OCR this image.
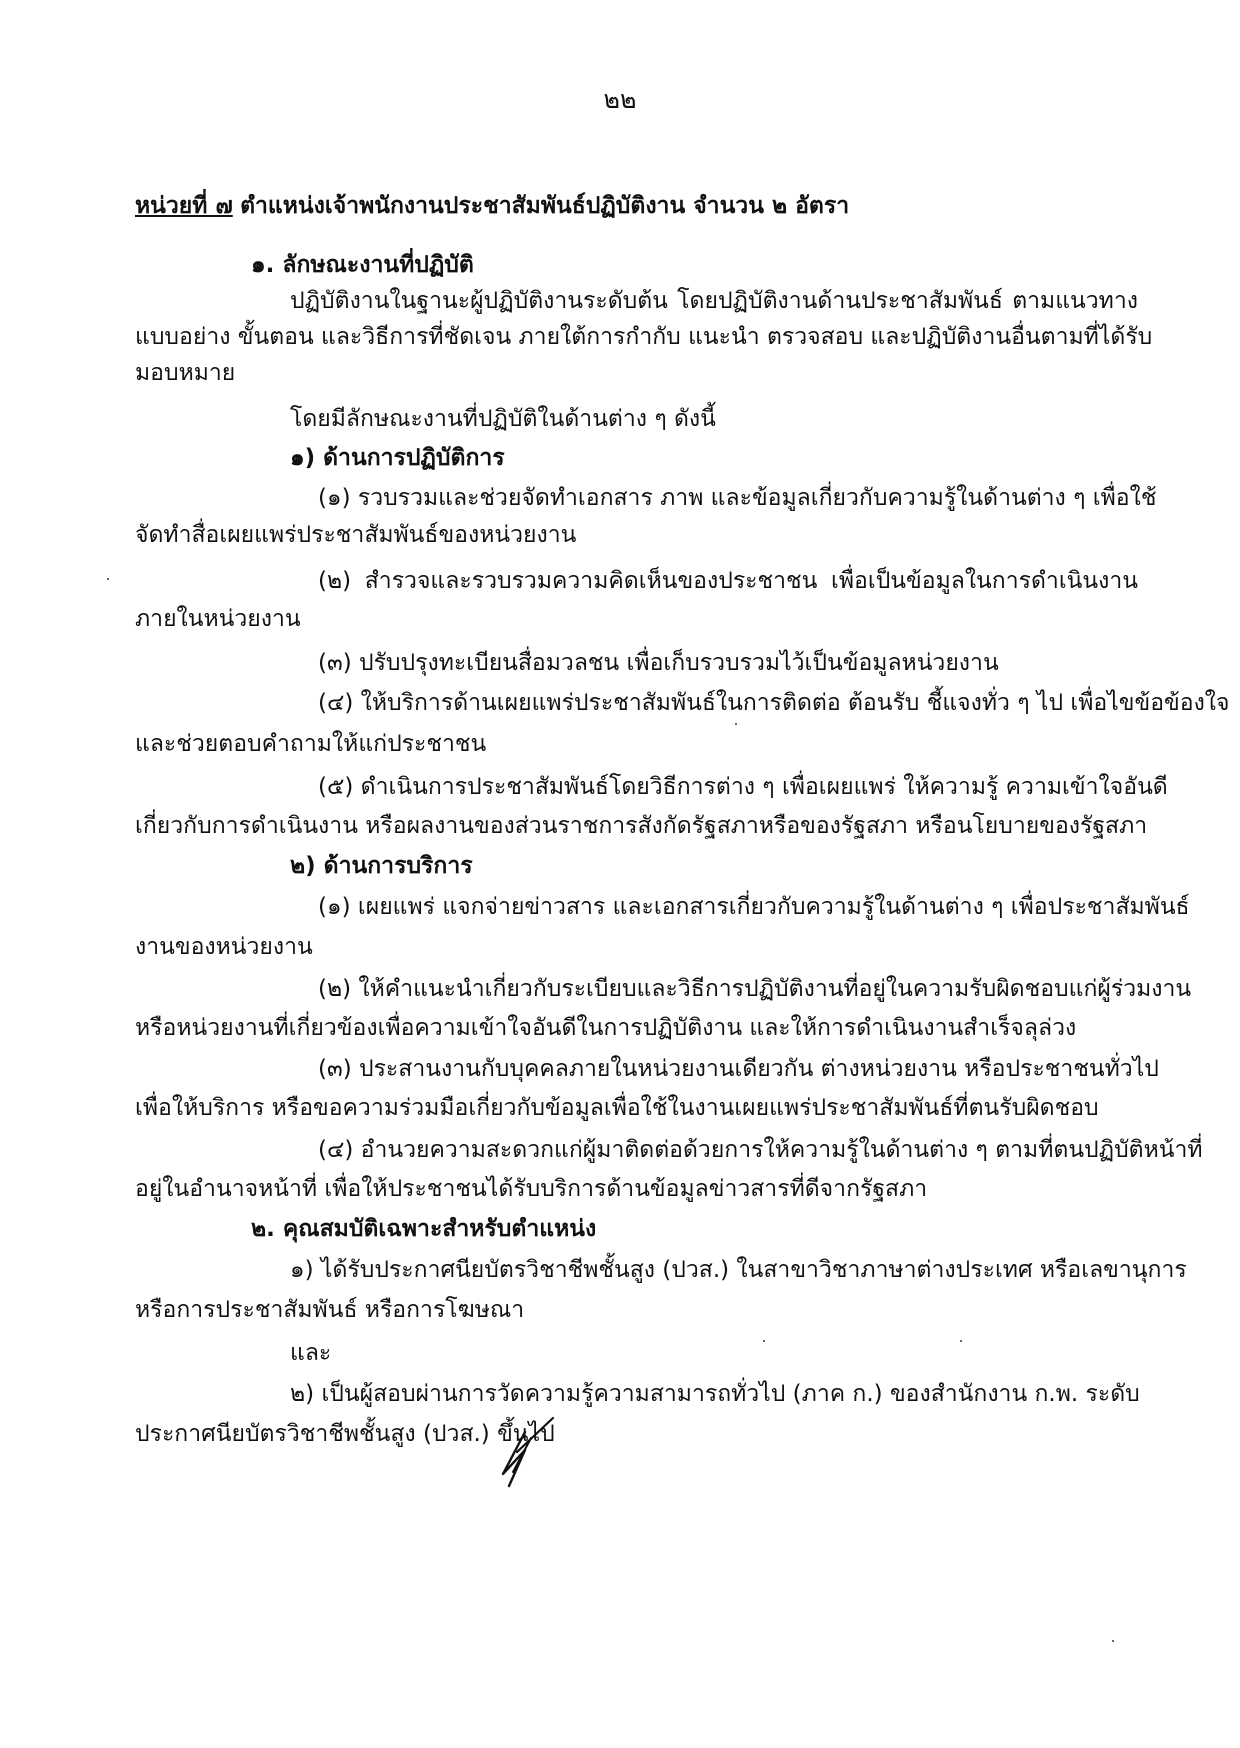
๒๒
หน่วยที่ ๗ ตำแหน่งเจ้าพนักงานประชาสัมพันธ์ปฏิบัติงาน จำนวน ๒ อัตรา
๑. ลักษณะงานที่ปฏิบัติ
ปฏิบัติงานในฐานะผู้ปฏิบัติงานระดับต้น โดยปฏิบัติงานด้านประชาสัมพันธ์ ตามแนวทาง
แบบอย่าง ขั้นตอน และวิธีการที่ชัดเจน ภายใต้การกำกับ แนะนำ ตรวจสอบ และปฏิบัติงานอื่นตามที่ได้รับ
มอบหมาย
โดยมีลักษณะงานที่ปฏิบัติในด้านต่าง ๆ ดังนี้
๑) ด้านการปฏิบัติการ
(๑) รวบรวมและช่วยจัดทำเอกสาร ภาพ และข้อมูลเกี่ยวกับความรู้ในด้านต่าง ๆ เพื่อใช้
จัดทำสื่อเผยแพร่ประชาสัมพันธ์ของหน่วยงาน
(๒) สำรวจและรวบรวมความคิดเห็นของประชาชน เพื่อเป็นข้อมูลในการดำเนินงาน
ภายในหน่วยงาน
(๓) ปรับปรุงทะเบียนสื่อมวลชน เพื่อเก็บรวบรวมไว้เป็นข้อมูลหน่วยงาน
(๔) ให้บริการด้านเผยแพร่ประชาสัมพันธ์ในการติดต่อ ต้อนรับ ชี้แจงทั่ว ๆ ไป เพื่อไขข้อข้องใจ
และช่วยตอบคำถามให้แก่ประชาชน
(๕) ดำเนินการประชาสัมพันธ์โดยวิธีการต่าง ๆ เพื่อเผยแพร่ ให้ความรู้ ความเข้าใจอันดี
เกี่ยวกับการดำเนินงาน หรือผลงานของส่วนราชการสังกัดรัฐสภาหรือของรัฐสภา หรือนโยบายของรัฐสภา
๒) ด้านการบริการ
(๑) เผยแพร่ แจกจ่ายข่าวสาร และเอกสารเกี่ยวกับความรู้ในด้านต่าง ๆ เพื่อประชาสัมพันธ์
งานของหน่วยงาน
(๒) ให้คำแนะนำเกี่ยวกับระเบียบและวิธีการปฏิบัติงานที่อยู่ในความรับผิดชอบแก่ผู้ร่วมงาน
หรือหน่วยงานที่เกี่ยวข้องเพื่อความเข้าใจอันดีในการปฏิบัติงาน และให้การดำเนินงานสำเร็จลุล่วง
(๓) ประสานงานกับบุคคลภายในหน่วยงานเดียวกัน ต่างหน่วยงาน หรือประชาชนทั่วไป
เพื่อให้บริการ หรือขอความร่วมมือเกี่ยวกับข้อมูลเพื่อใช้ในงานเผยแพร่ประชาสัมพันธ์ที่ตนรับผิดชอบ
(๔) อำนวยความสะดวกแก่ผู้มาติดต่อด้วยการให้ความรู้ในด้านต่าง ๆ ตามที่ตนปฏิบัติหน้าที่
อยู่ในอำนาจหน้าที่ เพื่อให้ประชาชนได้รับบริการด้านข้อมูลข่าวสารที่ดีจากรัฐสภา
๒. คุณสมบัติเฉพาะสำหรับตำแหน่ง
๑) ได้รับประกาศนียบัตรวิชาชีพชั้นสูง (ปวส.) ในสาขาวิชาภาษาต่างประเทศ หรือเลขานุการ
หรือการประชาสัมพันธ์ หรือการโฆษณา
และ
๒) เป็นผู้สอบผ่านการวัดความรู้ความสามารถทั่วไป (ภาค ก.) ของสำนักงาน ก.พ. ระดับ
ประกาศนียบัตรวิชาชีพชั้นสูง (ปวส.) ขึ้นไป
